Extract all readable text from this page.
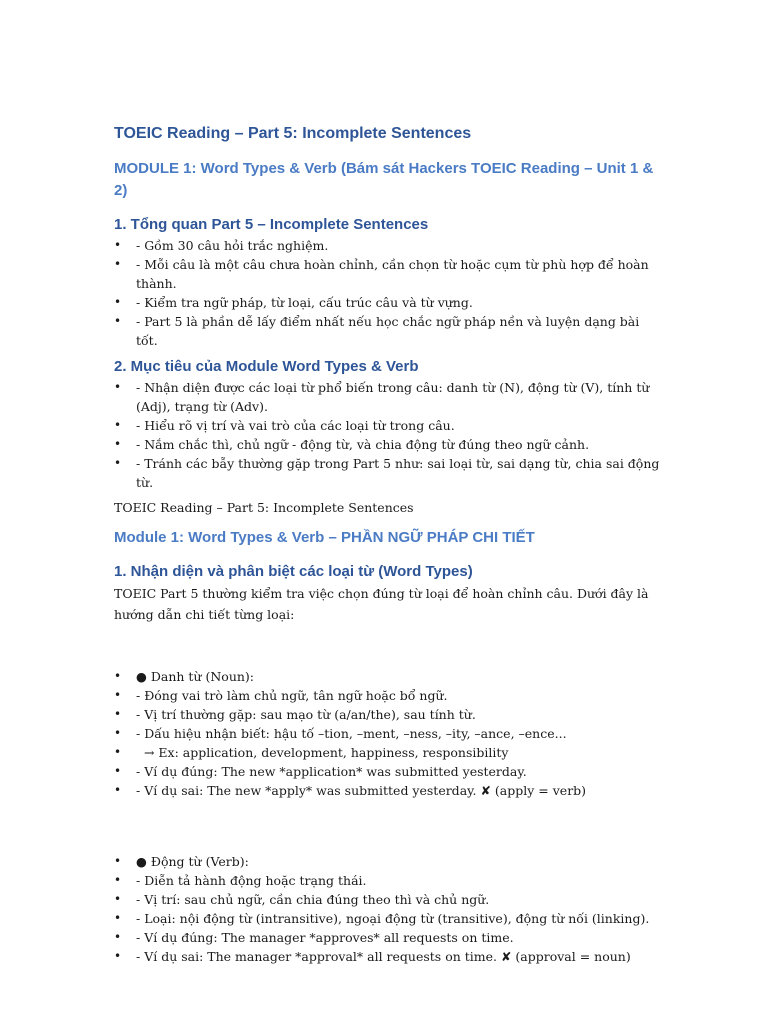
TOEIC Reading – Part 5: Incomplete Sentences
MODULE 1: Word Types & Verb (Bám sát Hackers TOEIC Reading – Unit 1 & 2)
1. Tổng quan Part 5 – Incomplete Sentences
• - Gồm 30 câu hỏi trắc nghiệm.
• - Mỗi câu là một câu chưa hoàn chỉnh, cần chọn từ hoặc cụm từ phù hợp để hoàn thành.
• - Kiểm tra ngữ pháp, từ loại, cấu trúc câu và từ vựng.
• - Part 5 là phần dễ lấy điểm nhất nếu học chắc ngữ pháp nền và luyện dạng bài tốt.
2. Mục tiêu của Module Word Types & Verb
• - Nhận diện được các loại từ phổ biến trong câu: danh từ (N), động từ (V), tính từ (Adj), trạng từ (Adv).
• - Hiểu rõ vị trí và vai trò của các loại từ trong câu.
• - Nắm chắc thì, chủ ngữ - động từ, và chia động từ đúng theo ngữ cảnh.
• - Tránh các bẫy thường gặp trong Part 5 như: sai loại từ, sai dạng từ, chia sai động từ.

TOEIC Reading – Part 5: Incomplete Sentences

Module 1: Word Types & Verb – PHẦN NGỮ PHÁP CHI TIẾT
1. Nhận diện và phân biệt các loại từ (Word Types)

TOEIC Part 5 thường kiểm tra việc chọn đúng từ loại để hoàn chỉnh câu. Dưới đây là hướng dẫn chi tiết từng loại:

• ● Danh từ (Noun):
• - Đóng vai trò làm chủ ngữ, tân ngữ hoặc bổ ngữ.
• - Vị trí thường gặp: sau mạo từ (a/an/the), sau tính từ.
• - Dấu hiệu nhận biết: hậu tố –tion, –ment, –ness, –ity, –ance, –ence...
• → Ex: application, development, happiness, responsibility
• - Ví dụ đúng: The new *application* was submitted yesterday.
• - Ví dụ sai: The new *apply* was submitted yesterday. ✘ (apply = verb)
• ● Động từ (Verb):
• - Diễn tả hành động hoặc trạng thái.
• - Vị trí: sau chủ ngữ, cần chia đúng theo thì và chủ ngữ.
• - Loại: nội động từ (intransitive), ngoại động từ (transitive), động từ nối (linking).
• - Ví dụ đúng: The manager *approves* all requests on time.
• - Ví dụ sai: The manager *approval* all requests on time. ✘ (approval = noun)
